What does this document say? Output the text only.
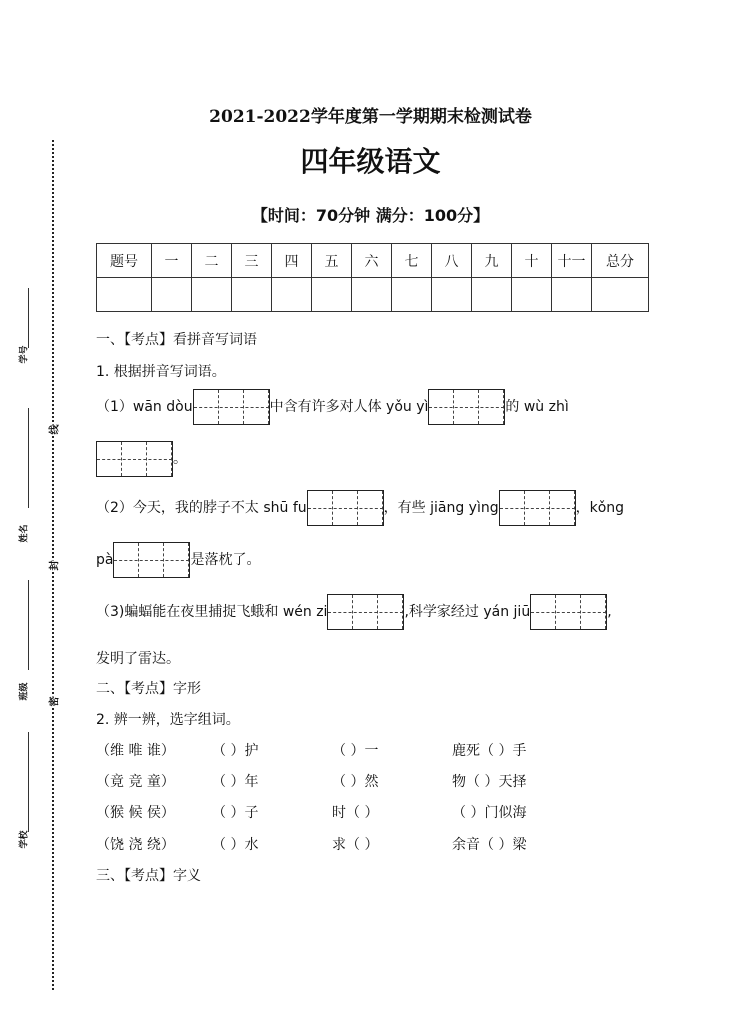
学号
姓名
班级
学校
线
封
密
2021-2022学年度第一学期期末检测试卷
四年级语文
【时间：70分钟 满分：100分】
题号	一	二	三	四	五	六	七	八	九	十	十一	总分

一、【考点】看拼音写词语
1. 根据拼音写词语。
（1）wān dòu	中含有许多对人体 yǒu yì	的 wù zhì
。
（2）今天，我的脖子不太 shū fu	，有些 jiāng yìng	，kǒng
pà	是落枕了。
（3)蝙蝠能在夜里捕捉飞蛾和 wén zi	,科学家经过 yán jiū	,
发明了雷达。
二、【考点】字形
2. 辨一辨，选字组词。
（维 唯 谁）	（ ）护	（ ）一	鹿死（ ）手
（竟 竞 童）	（ ）年	（ ）然	物（ ）天择
（猴 候 侯）	（ ）子	时（ ）	（ ）门似海
（饶 浇 绕）	（ ）水	求（ ）	余音（ ）梁
三、【考点】字义
